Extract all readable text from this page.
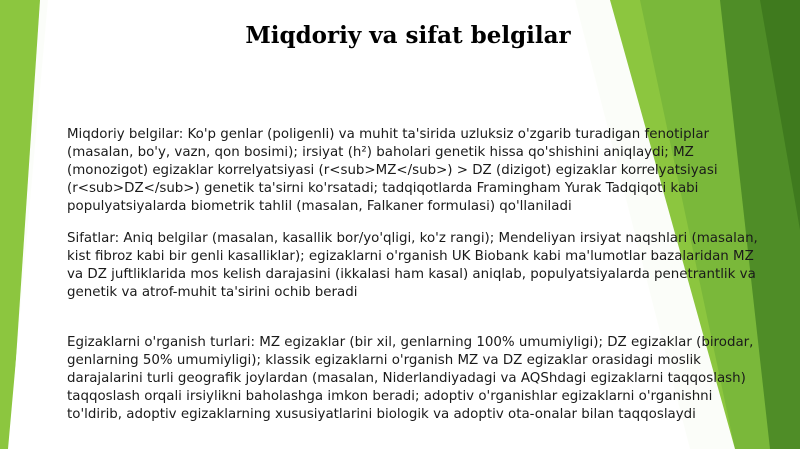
Miqdoriy va sifat belgilar

Miqdoriy belgilar: Ko'p genlar (poligenli) va muhit ta'sirida uzluksiz o'zgarib turadigan fenotiplar (masalan, bo'y, vazn, qon bosimi); irsiyat (h²) baholari genetik hissa qo'shishini aniqlaydi; MZ (monozigot) egizaklar korrelyatsiyasi (r<sub>MZ</sub>) > DZ (dizigot) egizaklar korrelyatsiyasi (r<sub>DZ</sub>) genetik ta'sirni ko'rsatadi; tadqiqotlarda Framingham Yurak Tadqiqoti kabi populyatsiyalarda biometrik tahlil (masalan, Falkaner formulasi) qo'llaniladi

Sifatlar: Aniq belgilar (masalan, kasallik bor/yo'qligi, ko'z rangi); Mendeliyan irsiyat naqshlari (masalan, kist fibroz kabi bir genli kasalliklar); egizaklarni o'rganish UK Biobank kabi ma'lumotlar bazalaridan MZ va DZ juftliklarida mos kelish darajasini (ikkalasi ham kasal) aniqlab, populyatsiyalarda penetrantlik va genetik va atrof-muhit ta'sirini ochib beradi

Egizaklarni o'rganish turlari: MZ egizaklar (bir xil, genlarning 100% umumiyligi); DZ egizaklar (birodar, genlarning 50% umumiyligi); klassik egizaklarni o'rganish MZ va DZ egizaklar orasidagi moslik darajalarini turli geografik joylardan (masalan, Niderlandiyadagi va AQShdagi egizaklarni taqqoslash) taqqoslash orqali irsiylikni baholashga imkon beradi; adoptiv o'rganishlar egizaklarni o'rganishni to'ldirib, adoptiv egizaklarning xususiyatlarini biologik va adoptiv ota-onalar bilan taqqoslaydi
